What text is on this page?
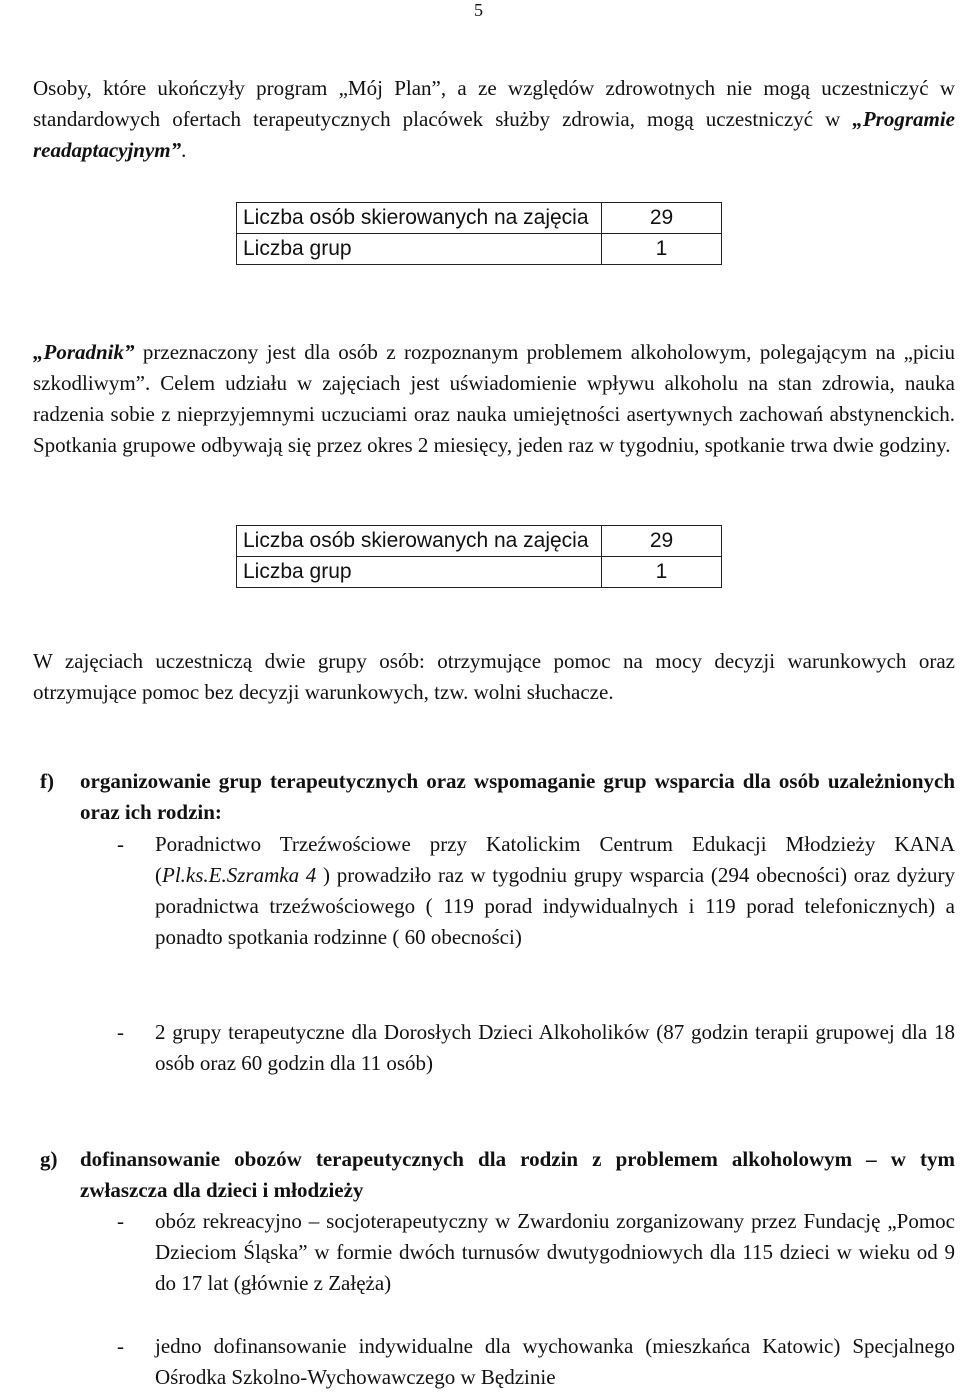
5

Osoby, które ukończyły program „Mój Plan”, a ze względów zdrowotnych nie mogą uczestniczyć w standardowych ofertach terapeutycznych placówek służby zdrowia, mogą uczestniczyć w „Programie readaptacyjnym”.

Liczba osób skierowanych na zajęcia	29
Liczba grup	1

„Poradnik” przeznaczony jest dla osób z rozpoznanym problemem alkoholowym, polegającym na „piciu szkodliwym”. Celem udziału w zajęciach jest uświadomienie wpływu alkoholu na stan zdrowia, nauka radzenia sobie z nieprzyjemnymi uczuciami oraz nauka umiejętności asertywnych zachowań abstynenckich. Spotkania grupowe odbywają się przez okres 2 miesięcy, jeden raz w tygodniu, spotkanie trwa dwie godziny.

Liczba osób skierowanych na zajęcia	29
Liczba grup	1

W zajęciach uczestniczą dwie grupy osób: otrzymujące pomoc na mocy decyzji warunkowych oraz otrzymujące pomoc bez decyzji warunkowych, tzw. wolni słuchacze.

f) organizowanie grup terapeutycznych oraz wspomaganie grup wsparcia dla osób uzależnionych oraz ich rodzin:
- Poradnictwo Trzeźwościowe przy Katolickim Centrum Edukacji Młodzieży KANA (Pl.ks.E.Szramka 4 ) prowadziło raz w tygodniu grupy wsparcia (294 obecności) oraz dyżury poradnictwa trzeźwościowego ( 119 porad indywidualnych i 119 porad telefonicznych) a ponadto spotkania rodzinne ( 60 obecności)
- 2 grupy terapeutyczne dla Dorosłych Dzieci Alkoholików (87 godzin terapii grupowej dla 18 osób oraz 60 godzin dla 11 osób)
g) dofinansowanie obozów terapeutycznych dla rodzin z problemem alkoholowym – w tym zwłaszcza dla dzieci i młodzieży
- obóz rekreacyjno – socjoterapeutyczny w Zwardoniu zorganizowany przez Fundację „Pomoc Dzieciom Śląska” w formie dwóch turnusów dwutygodniowych dla 115 dzieci w wieku od 9 do 17 lat (głównie z Załęża)
- jedno dofinansowanie indywidualne dla wychowanka (mieszkańca Katowic) Specjalnego Ośrodka Szkolno-Wychowawczego w Będzinie
